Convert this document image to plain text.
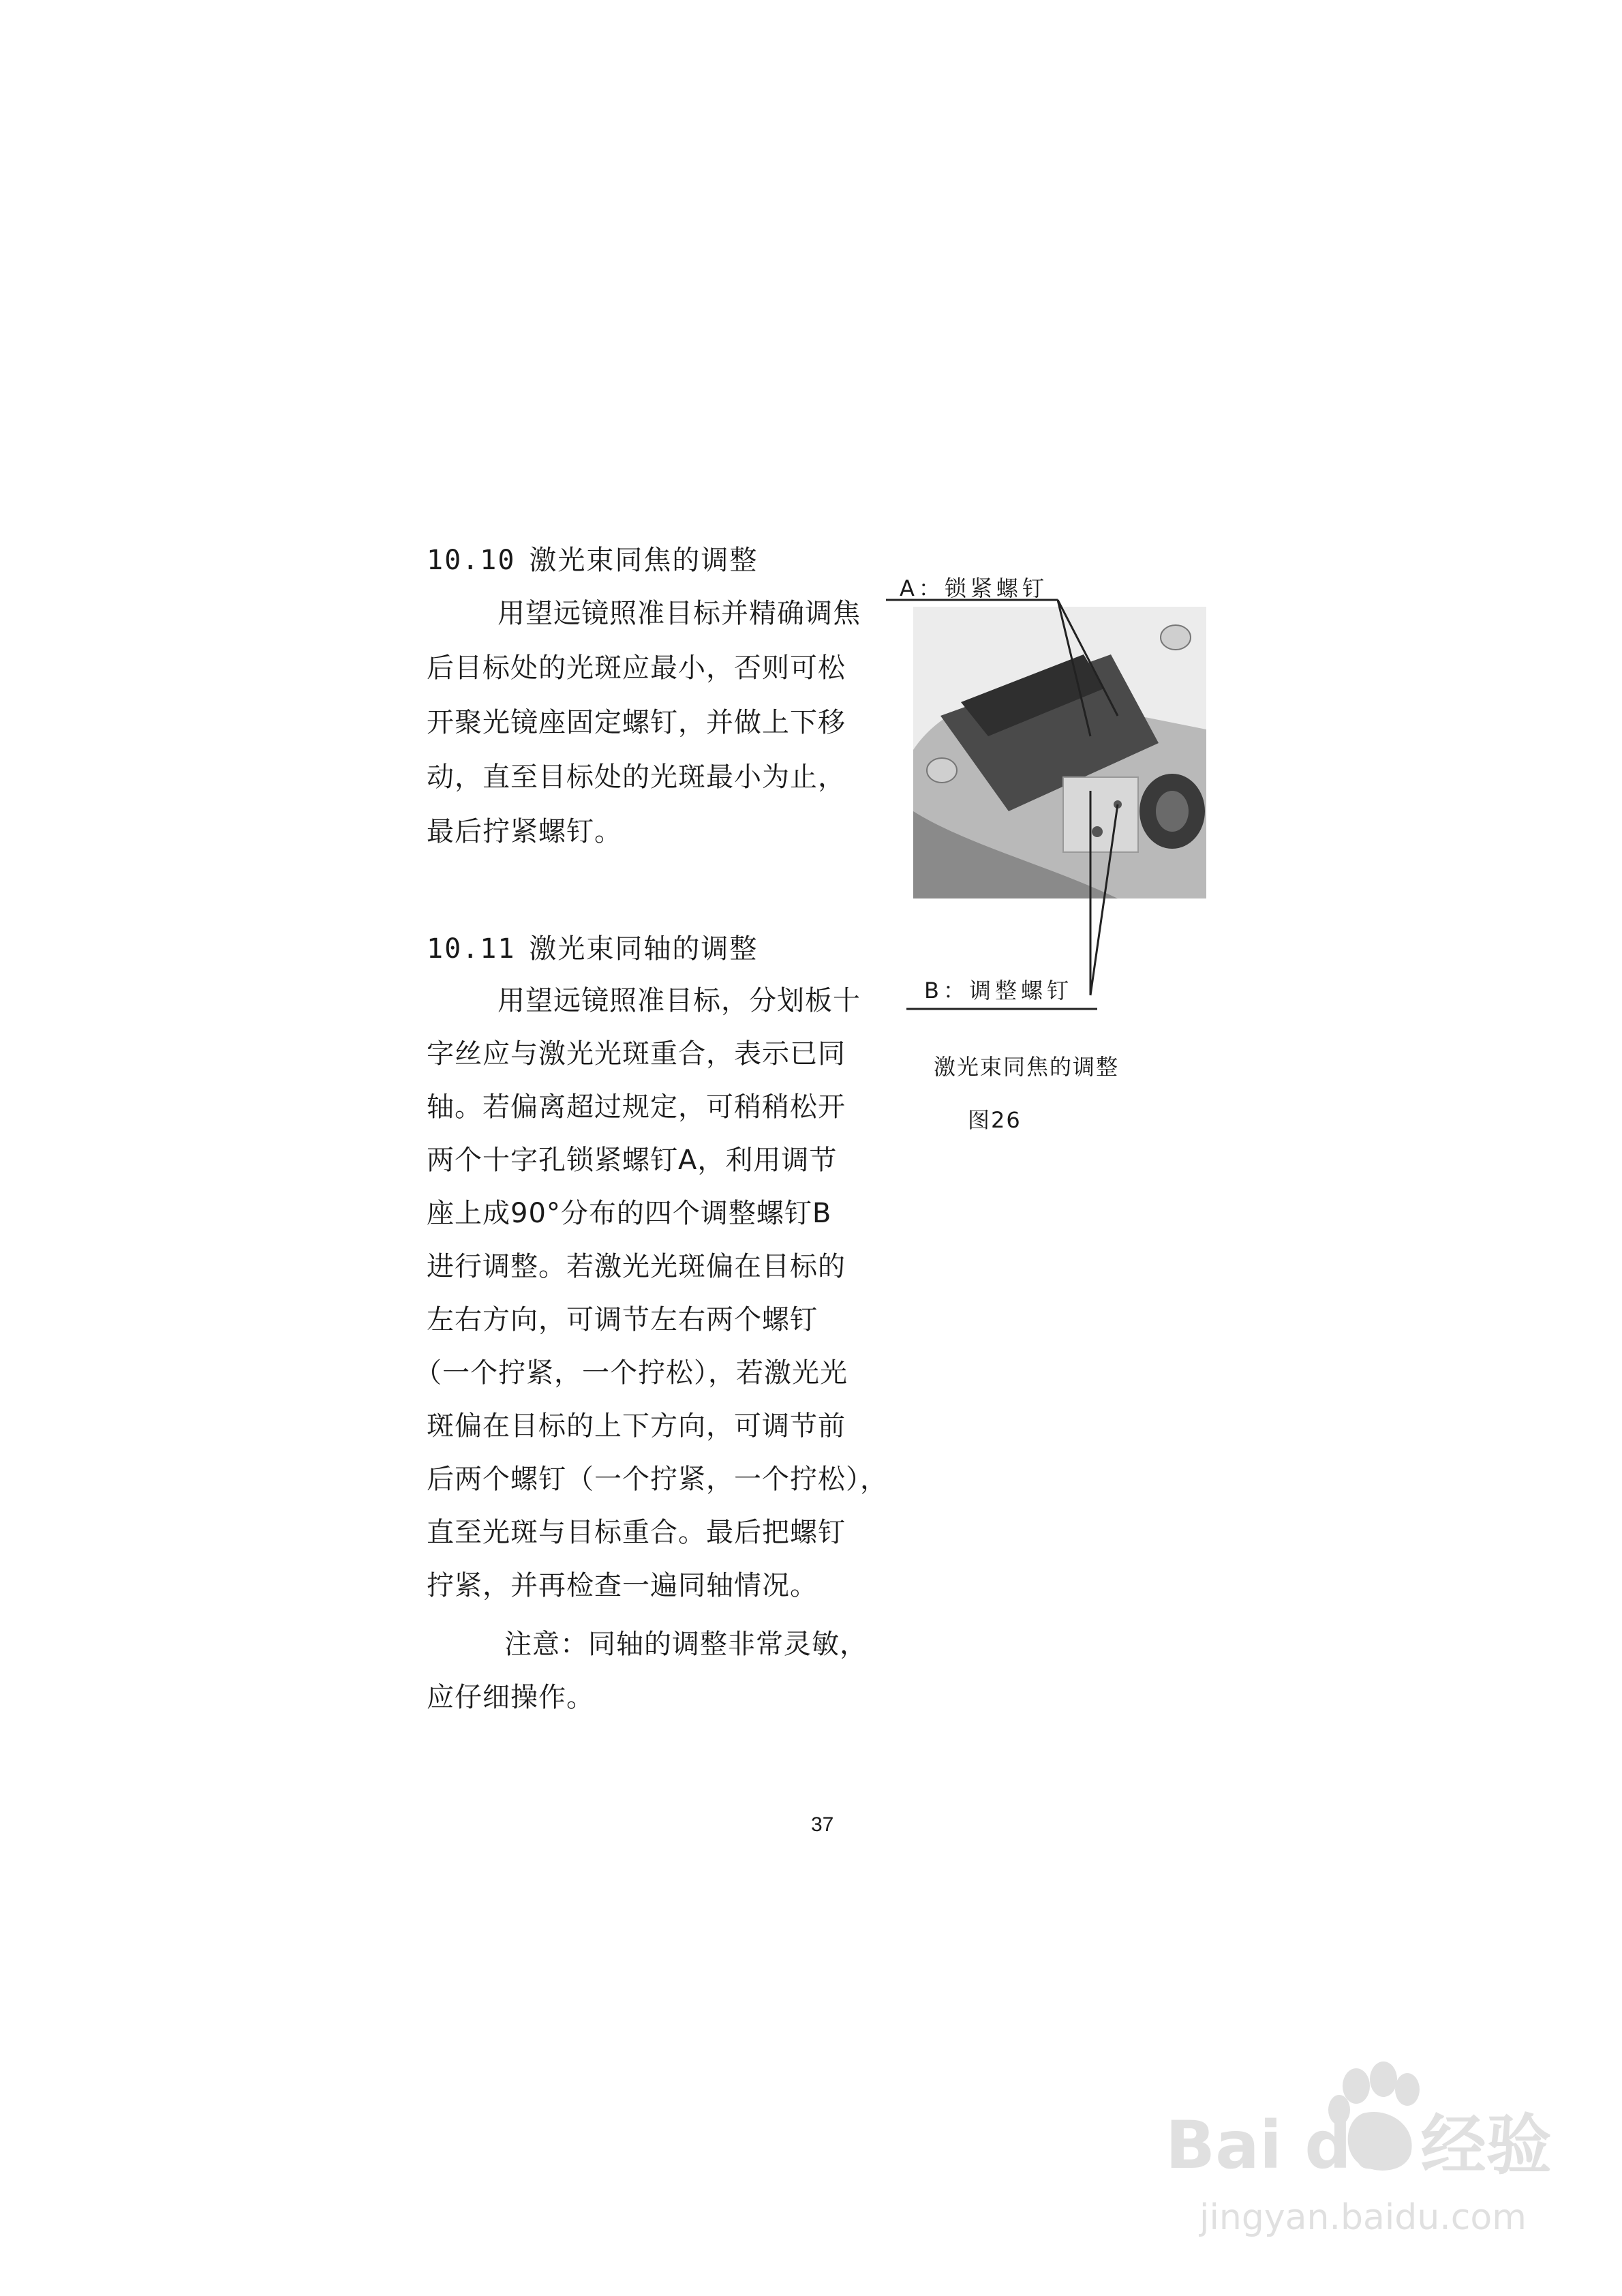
10.10 激光束同焦的调整
用望远镜照准目标并精确调焦
后目标处的光斑应最小，否则可松
开聚光镜座固定螺钉，并做上下移
动，直至目标处的光斑最小为止，
最后拧紧螺钉。
10.11 激光束同轴的调整
用望远镜照准目标，分划板十
字丝应与激光光斑重合，表示已同
轴。若偏离超过规定，可稍稍松开
两个十字孔锁紧螺钉A，利用调节
座上成90°分布的四个调整螺钉B
进行调整。若激光光斑偏在目标的
左右方向，可调节左右两个螺钉
（一个拧紧，一个拧松），若激光光
斑偏在目标的上下方向，可调节前
后两个螺钉（一个拧紧，一个拧松），
直至光斑与目标重合。最后把螺钉
拧紧，并再检查一遍同轴情况。
注意：同轴的调整非常灵敏，
应仔细操作。
A：锁紧螺钉
B：调整螺钉
激光束同焦的调整
图26
37
Bai du 经验
jingyan.baidu.com
